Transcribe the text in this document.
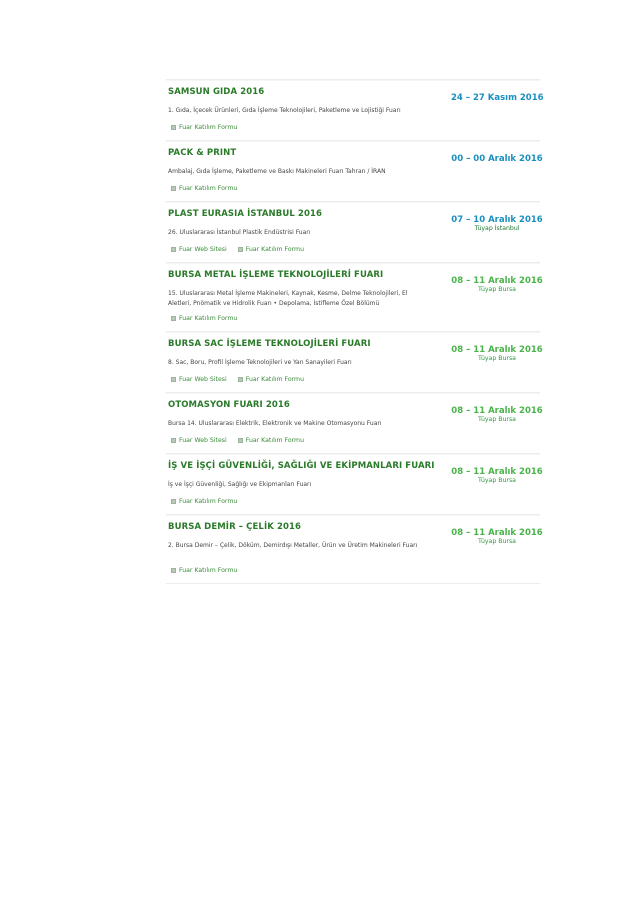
SAMSUN GIDA 2016
1. Gıda, İçecek Ürünleri, Gıda İşleme Teknolojileri, Paketleme ve Lojistiği Fuarı
Fuar Katılım Formu
24 – 27 Kasım 2016
PACK & PRINT
Ambalaj, Gıda İşleme, Paketleme ve Baskı Makineleri Fuarı Tahran / İRAN
Fuar Katılım Formu
00 – 00 Aralık 2016
PLAST EURASIA İSTANBUL 2016
26. Uluslararası İstanbul Plastik Endüstrisi Fuarı
Fuar Web Sitesi	Fuar Katılım Formu
07 – 10 Aralık 2016
Tüyap İstanbul
BURSA METAL İŞLEME TEKNOLOJİLERİ FUARI
15. Uluslararası Metal İşleme Makineleri, Kaynak, Kesme, Delme Teknolojileri, El Aletleri, Pnömatik ve Hidrolik Fuarı • Depolama, İstifleme Özel Bölümü
Fuar Katılım Formu
08 – 11 Aralık 2016
Tüyap Bursa
BURSA SAC İŞLEME TEKNOLOJİLERİ FUARI
8. Sac, Boru, Profil İşleme Teknolojileri ve Yan Sanayileri Fuarı
Fuar Web Sitesi	Fuar Katılım Formu
08 – 11 Aralık 2016
Tüyap Bursa
OTOMASYON FUARI 2016
Bursa 14. Uluslararası Elektrik, Elektronik ve Makine Otomasyonu Fuarı
Fuar Web Sitesi	Fuar Katılım Formu
08 – 11 Aralık 2016
Tüyap Bursa
İŞ VE İŞÇİ GÜVENLİĞİ, SAĞLIĞI VE EKİPMANLARI FUARI
İş ve İşçi Güvenliği, Sağlığı ve Ekipmanları Fuarı
Fuar Katılım Formu
08 – 11 Aralık 2016
Tüyap Bursa
BURSA DEMİR – ÇELİK 2016
2. Bursa Demir – Çelik, Döküm, Demirdışı Metaller, Ürün ve Üretim Makineleri Fuarı
Fuar Katılım Formu
08 – 11 Aralık 2016
Tüyap Bursa
